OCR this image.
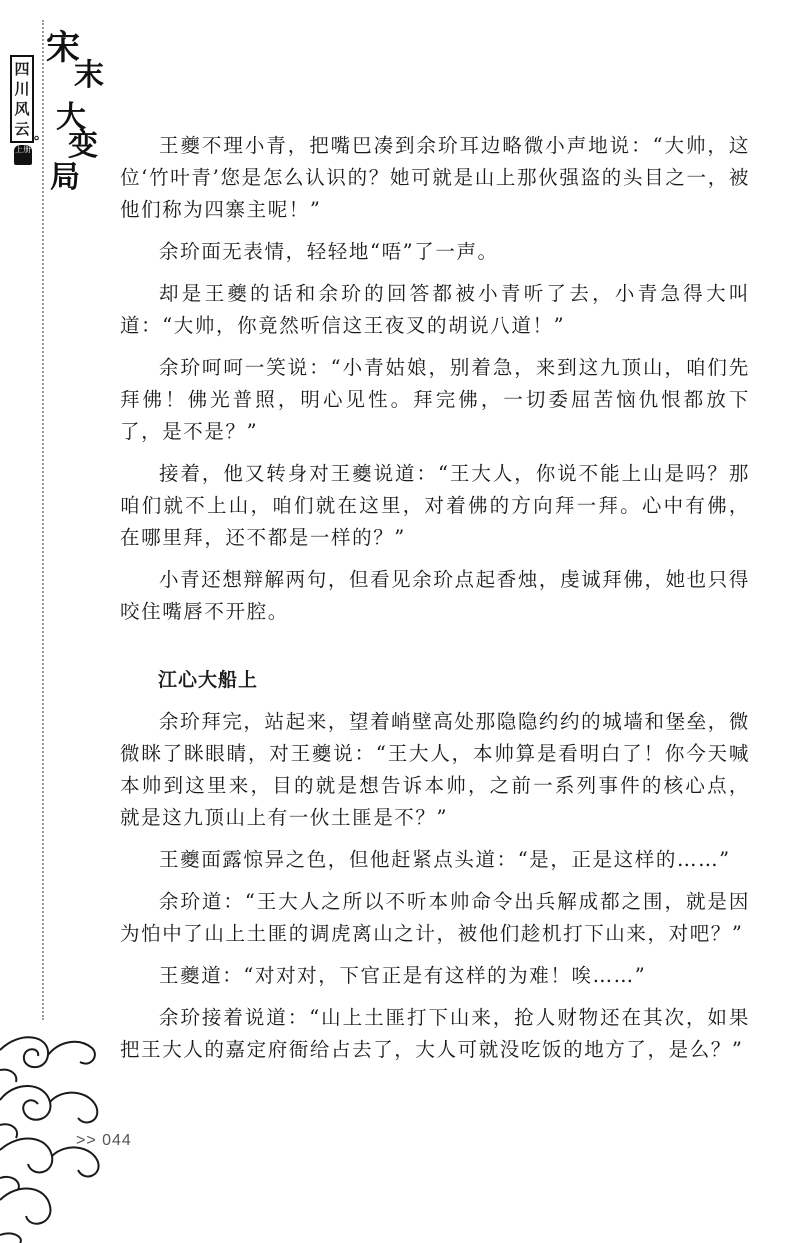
四
川
风
云 。
上册
宋
末
大
变
局

王夔不理小青，把嘴巴凑到余玠耳边略微小声地说：“大帅，这位‘竹叶青’您是怎么认识的？她可就是山上那伙强盗的头目之一，被他们称为四寨主呢！”

余玠面无表情，轻轻地“唔”了一声。

却是王夔的话和余玠的回答都被小青听了去，小青急得大叫道：“大帅，你竟然听信这王夜叉的胡说八道！”

余玠呵呵一笑说：“小青姑娘，别着急，来到这九顶山，咱们先拜佛！佛光普照，明心见性。拜完佛，一切委屈苦恼仇恨都放下了，是不是？”

接着，他又转身对王夔说道：“王大人，你说不能上山是吗？那咱们就不上山，咱们就在这里，对着佛的方向拜一拜。心中有佛，在哪里拜，还不都是一样的？”

小青还想辩解两句，但看见余玠点起香烛，虔诚拜佛，她也只得咬住嘴唇不开腔。

江心大船上

余玠拜完，站起来，望着峭壁高处那隐隐约约的城墙和堡垒，微微眯了眯眼睛，对王夔说：“王大人，本帅算是看明白了！你今天喊本帅到这里来，目的就是想告诉本帅，之前一系列事件的核心点，就是这九顶山上有一伙土匪是不？”

王夔面露惊异之色，但他赶紧点头道：“是，正是这样的……”

余玠道：“王大人之所以不听本帅命令出兵解成都之围，就是因为怕中了山上土匪的调虎离山之计，被他们趁机打下山来，对吧？”

王夔道：“对对对，下官正是有这样的为难！唉……”

余玠接着说道：“山上土匪打下山来，抢人财物还在其次，如果把王大人的嘉定府衙给占去了，大人可就没吃饭的地方了，是么？”

>> 044
